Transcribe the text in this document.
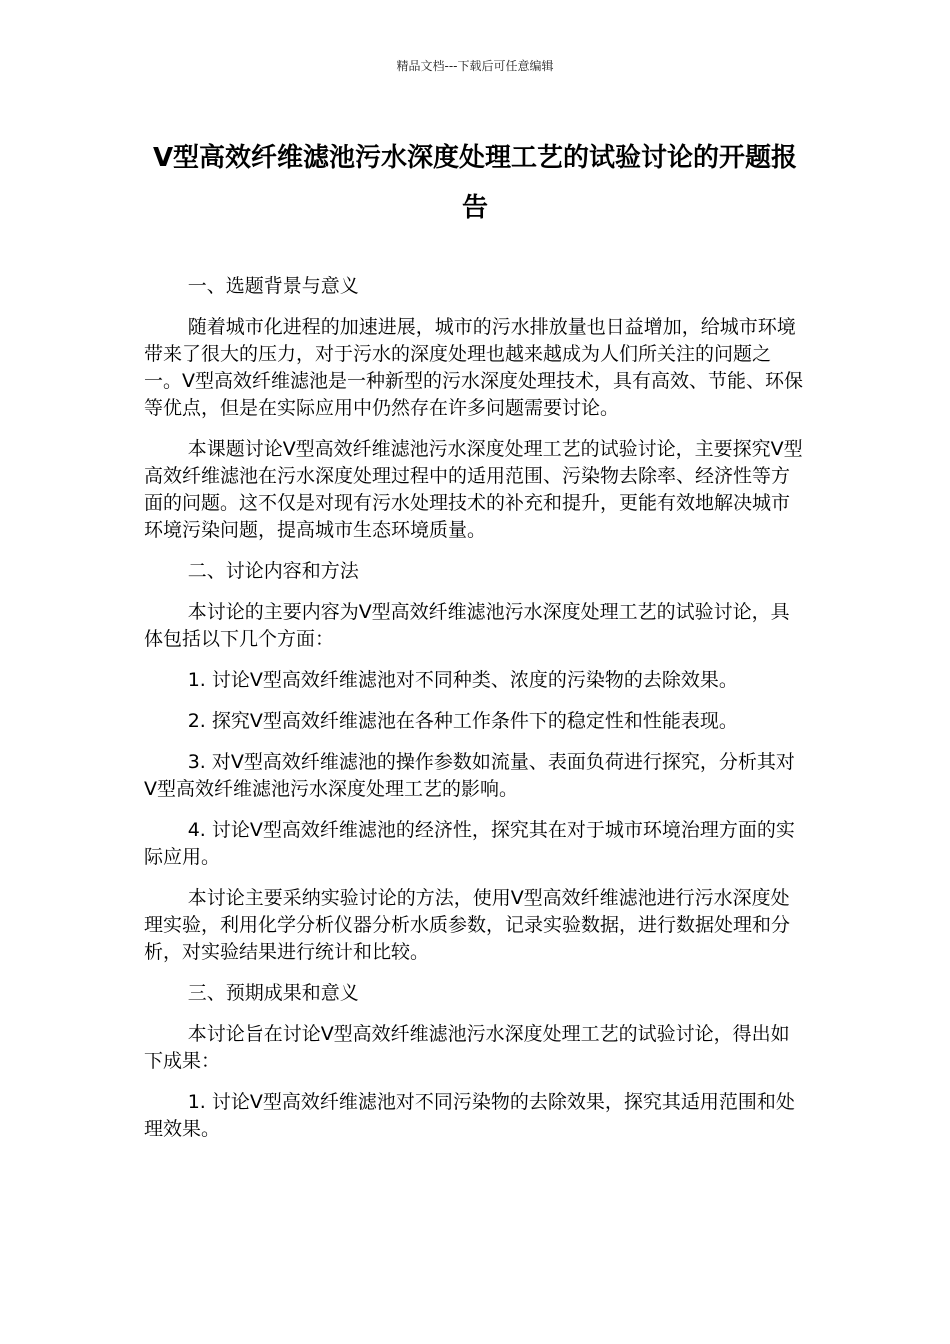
精品文档---下载后可任意编辑
V型高效纤维滤池污水深度处理工艺的试验讨论的开题报告

一、选题背景与意义

随着城市化进程的加速进展，城市的污水排放量也日益增加，给城市环境带来了很大的压力，对于污水的深度处理也越来越成为人们所关注的问题之一。V型高效纤维滤池是一种新型的污水深度处理技术，具有高效、节能、环保等优点，但是在实际应用中仍然存在许多问题需要讨论。

本课题讨论V型高效纤维滤池污水深度处理工艺的试验讨论，主要探究V型高效纤维滤池在污水深度处理过程中的适用范围、污染物去除率、经济性等方面的问题。这不仅是对现有污水处理技术的补充和提升，更能有效地解决城市环境污染问题，提高城市生态环境质量。

二、讨论内容和方法

本讨论的主要内容为V型高效纤维滤池污水深度处理工艺的试验讨论，具体包括以下几个方面：

1. 讨论V型高效纤维滤池对不同种类、浓度的污染物的去除效果。

2. 探究V型高效纤维滤池在各种工作条件下的稳定性和性能表现。

3. 对V型高效纤维滤池的操作参数如流量、表面负荷进行探究，分析其对V型高效纤维滤池污水深度处理工艺的影响。

4. 讨论V型高效纤维滤池的经济性，探究其在对于城市环境治理方面的实际应用。

本讨论主要采纳实验讨论的方法，使用V型高效纤维滤池进行污水深度处理实验，利用化学分析仪器分析水质参数，记录实验数据，进行数据处理和分析，对实验结果进行统计和比较。

三、预期成果和意义

本讨论旨在讨论V型高效纤维滤池污水深度处理工艺的试验讨论，得出如下成果：

1. 讨论V型高效纤维滤池对不同污染物的去除效果，探究其适用范围和处理效果。
